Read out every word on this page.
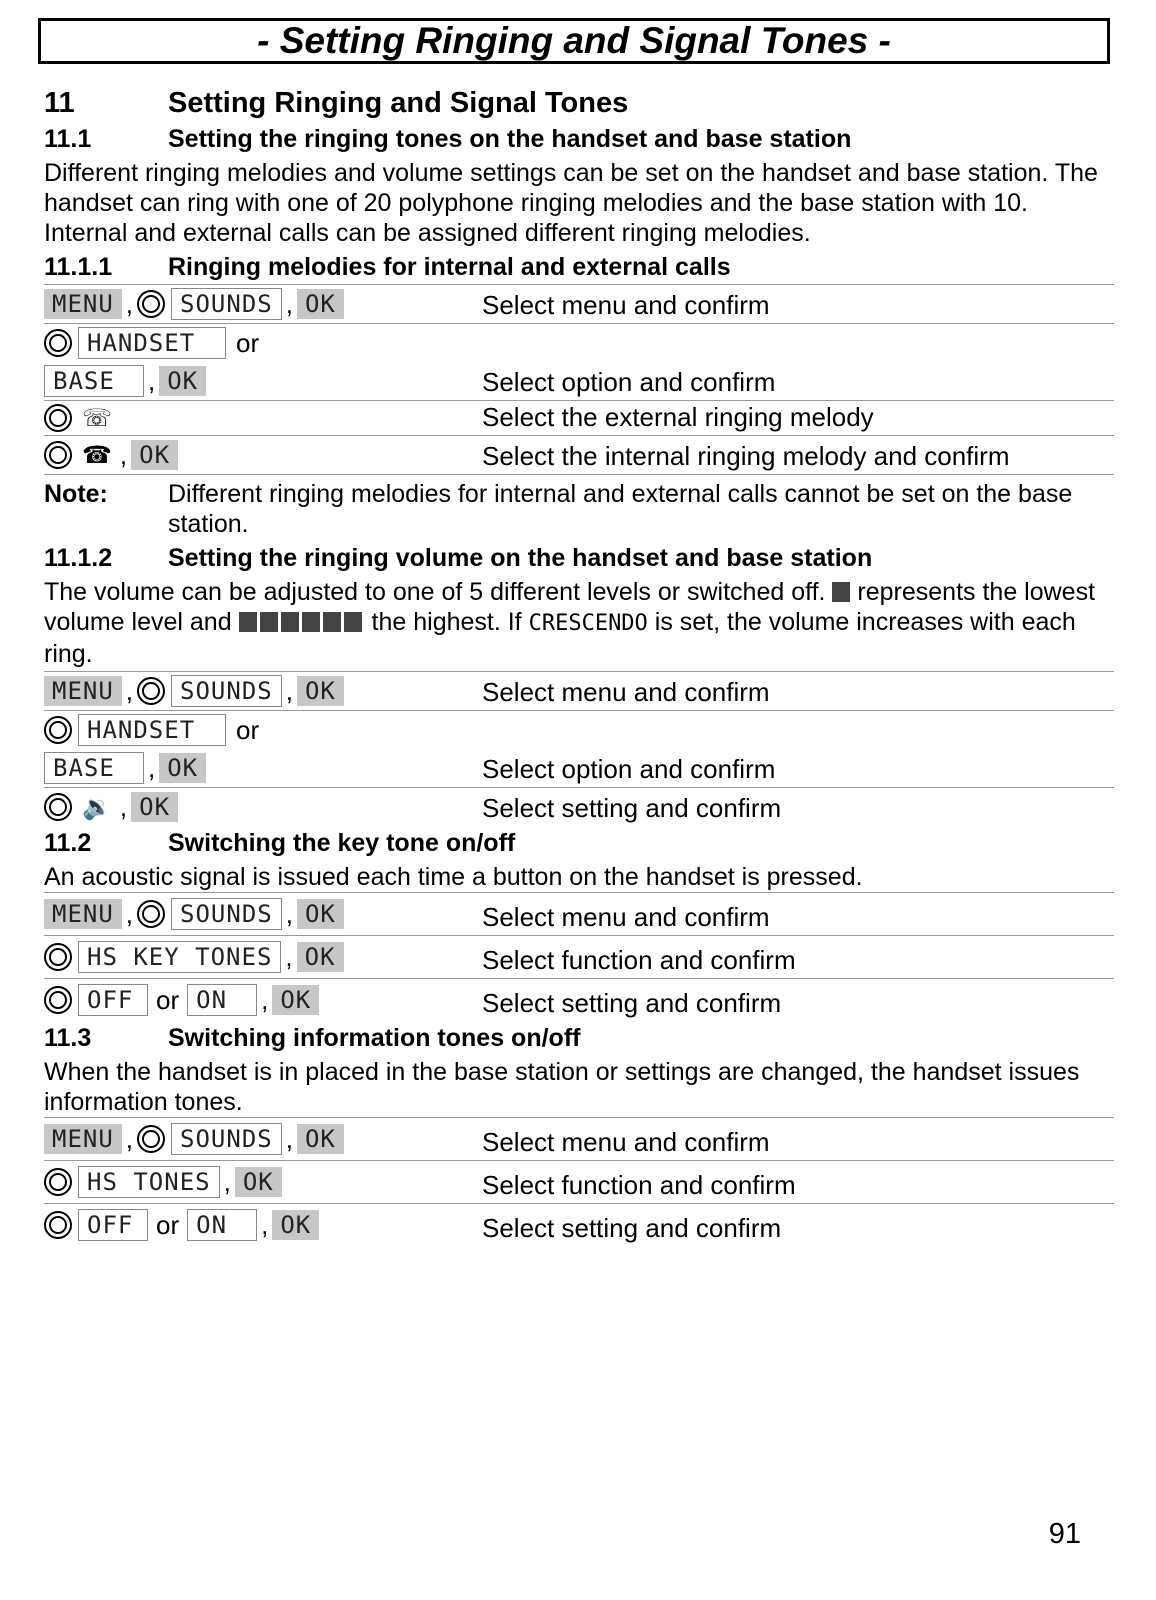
- Setting Ringing and Signal Tones -
11	Setting Ringing and Signal Tones
11.1	Setting the ringing tones on the handset and base station
Different ringing melodies and volume settings can be set on the handset and base station. The handset can ring with one of 20 polyphone ringing melodies and the base station with 10. Internal and external calls can be assigned different ringing melodies.
11.1.1	Ringing melodies for internal and external calls
MENU ,	SOUNDS , OK	Select menu and confirm
HANDSET	or
BASE	, OK	Select option and confirm
☏	Select the external ringing melody
☎ , OK	Select the internal ringing melody and confirm
Note:	Different ringing melodies for internal and external calls cannot be set on the base station.
11.1.2	Setting the ringing volume on the handset and base station
The volume can be adjusted to one of 5 different levels or switched off. represents the lowest volume level and	the highest. If CRESCENDO is set, the volume increases with each ring.
MENU ,	SOUNDS , OK	Select menu and confirm
HANDSET	or
BASE	, OK	Select option and confirm
🔉 , OK	Select setting and confirm
11.2	Switching the key tone on/off
An acoustic signal is issued each time a button on the handset is pressed.
MENU ,	SOUNDS , OK	Select menu and confirm
HS KEY TONES , OK	Select function and confirm
OFF or ON	, OK	Select setting and confirm
11.3	Switching information tones on/off
When the handset is in placed in the base station or settings are changed, the handset issues information tones.
MENU ,	SOUNDS , OK	Select menu and confirm
HS TONES , OK	Select function and confirm
OFF or ON	, OK	Select setting and confirm
91
